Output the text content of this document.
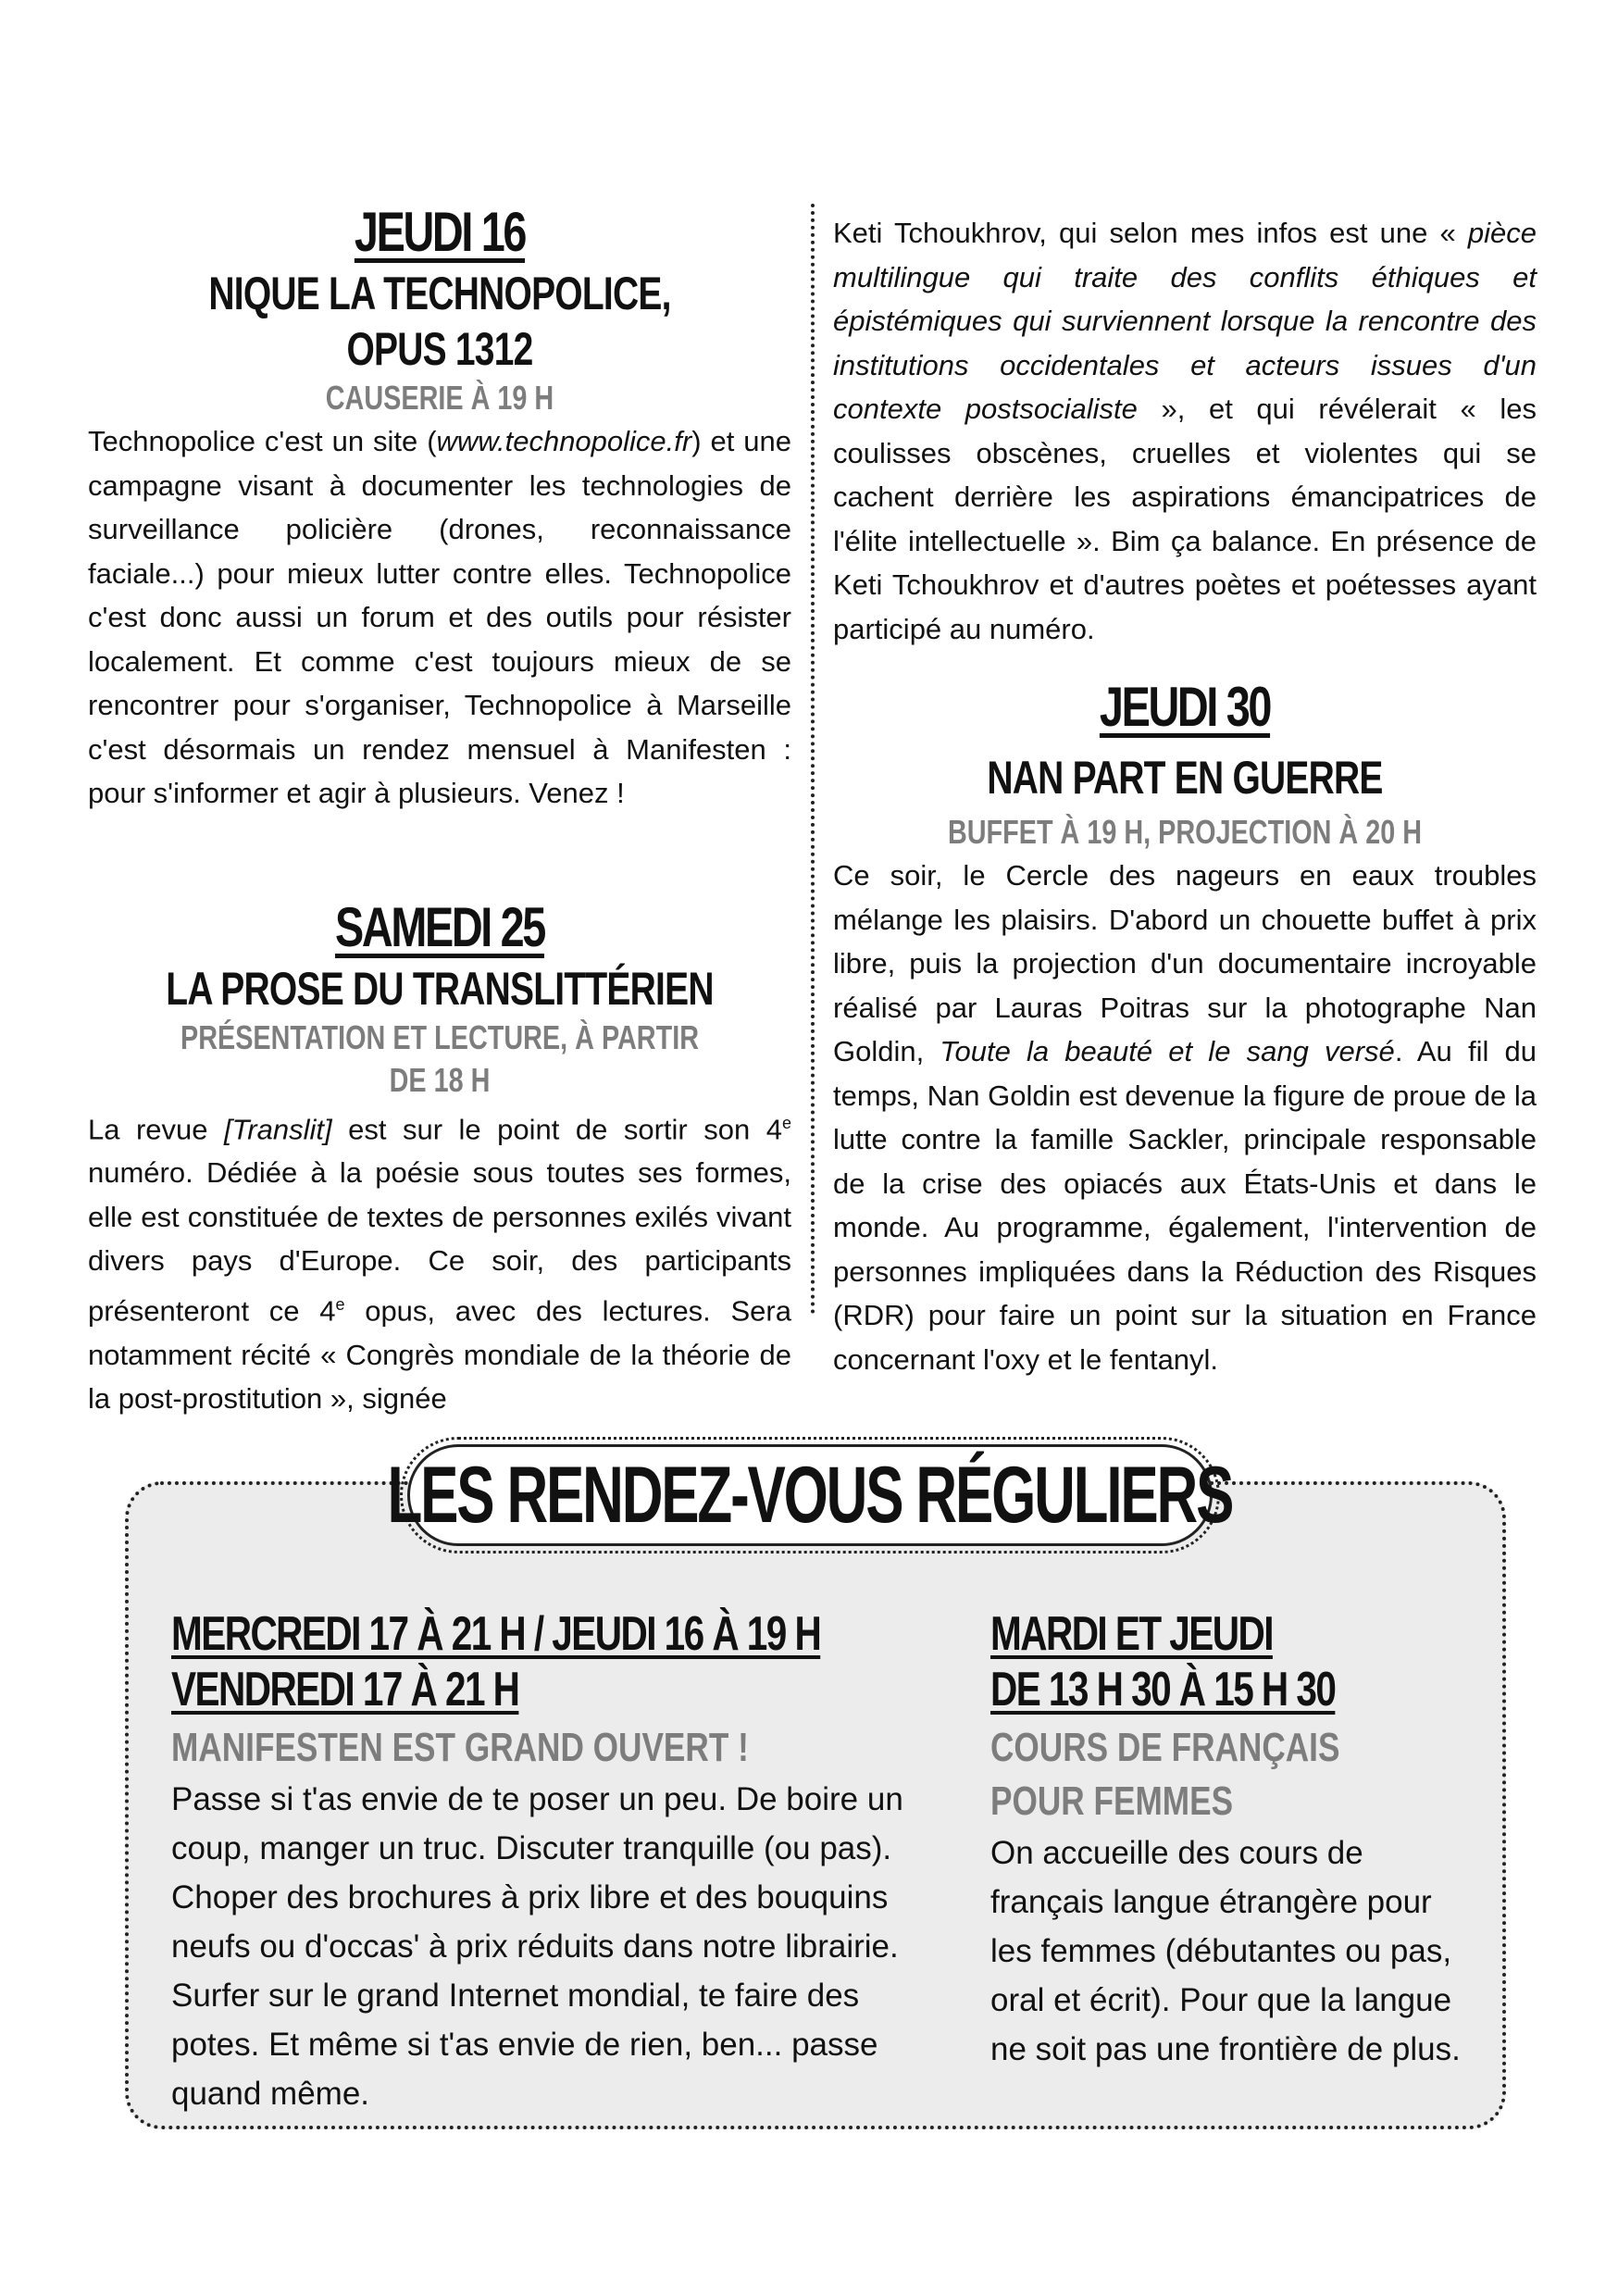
JEUDI 16
NIQUE LA TECHNOPOLICE, OPUS 1312
CAUSERIE À 19 H

Technopolice c'est un site (www.technopolice.fr) et une campagne visant à documenter les technologies de surveillance policière (drones, reconnaissance faciale...) pour mieux lutter contre elles. Technopolice c'est donc aussi un forum et des outils pour résister localement. Et comme c'est toujours mieux de se rencontrer pour s'organiser, Technopolice à Marseille c'est désormais un rendez mensuel à Manifesten : pour s'informer et agir à plusieurs. Venez !

SAMEDI 25
LA PROSE DU TRANSLITTÉRIEN
PRÉSENTATION ET LECTURE, À PARTIR DE 18 H

La revue [Translit] est sur le point de sortir son 4e numéro. Dédiée à la poésie sous toutes ses formes, elle est constituée de textes de personnes exilés vivant divers pays d'Europe. Ce soir, des participants présenteront ce 4e opus, avec des lectures. Sera notamment récité « Congrès mondiale de la théorie de la post-prostitution », signée

Keti Tchoukhrov, qui selon mes infos est une « pièce multilingue qui traite des conflits éthiques et épistémiques qui surviennent lorsque la rencontre des institutions occidentales et acteurs issues d'un contexte postsocialiste », et qui révélerait « les coulisses obscènes, cruelles et violentes qui se cachent derrière les aspirations émancipatrices de l'élite intellectuelle ». Bim ça balance. En présence de Keti Tchoukhrov et d'autres poètes et poétesses ayant participé au numéro.

JEUDI 30
NAN PART EN GUERRE
BUFFET À 19 H, PROJECTION À 20 H

Ce soir, le Cercle des nageurs en eaux troubles mélange les plaisirs. D'abord un chouette buffet à prix libre, puis la projection d'un documentaire incroyable réalisé par Lauras Poitras sur la photographe Nan Goldin, Toute la beauté et le sang versé. Au fil du temps, Nan Goldin est devenue la figure de proue de la lutte contre la famille Sackler, principale responsable de la crise des opiacés aux États-Unis et dans le monde. Au programme, également, l'intervention de personnes impliquées dans la Réduction des Risques (RDR) pour faire un point sur la situation en France concernant l'oxy et le fentanyl.

LES RENDEZ-VOUS RÉGULIERS
MERCREDI 17 À 21 H / JEUDI 16 À 19 H
VENDREDI 17 À 21 H
MANIFESTEN EST GRAND OUVERT !

Passe si t'as envie de te poser un peu. De boire un coup, manger un truc. Discuter tranquille (ou pas). Choper des brochures à prix libre et des bouquins neufs ou d'occas' à prix réduits dans notre librairie. Surfer sur le grand Internet mondial, te faire des potes. Et même si t'as envie de rien, ben... passe quand même.

MARDI ET JEUDI
DE 13 H 30 À 15 H 30
COURS DE FRANÇAIS
POUR FEMMES

On accueille des cours de français langue étrangère pour les femmes (débutantes ou pas, oral et écrit). Pour que la langue ne soit pas une frontière de plus.
